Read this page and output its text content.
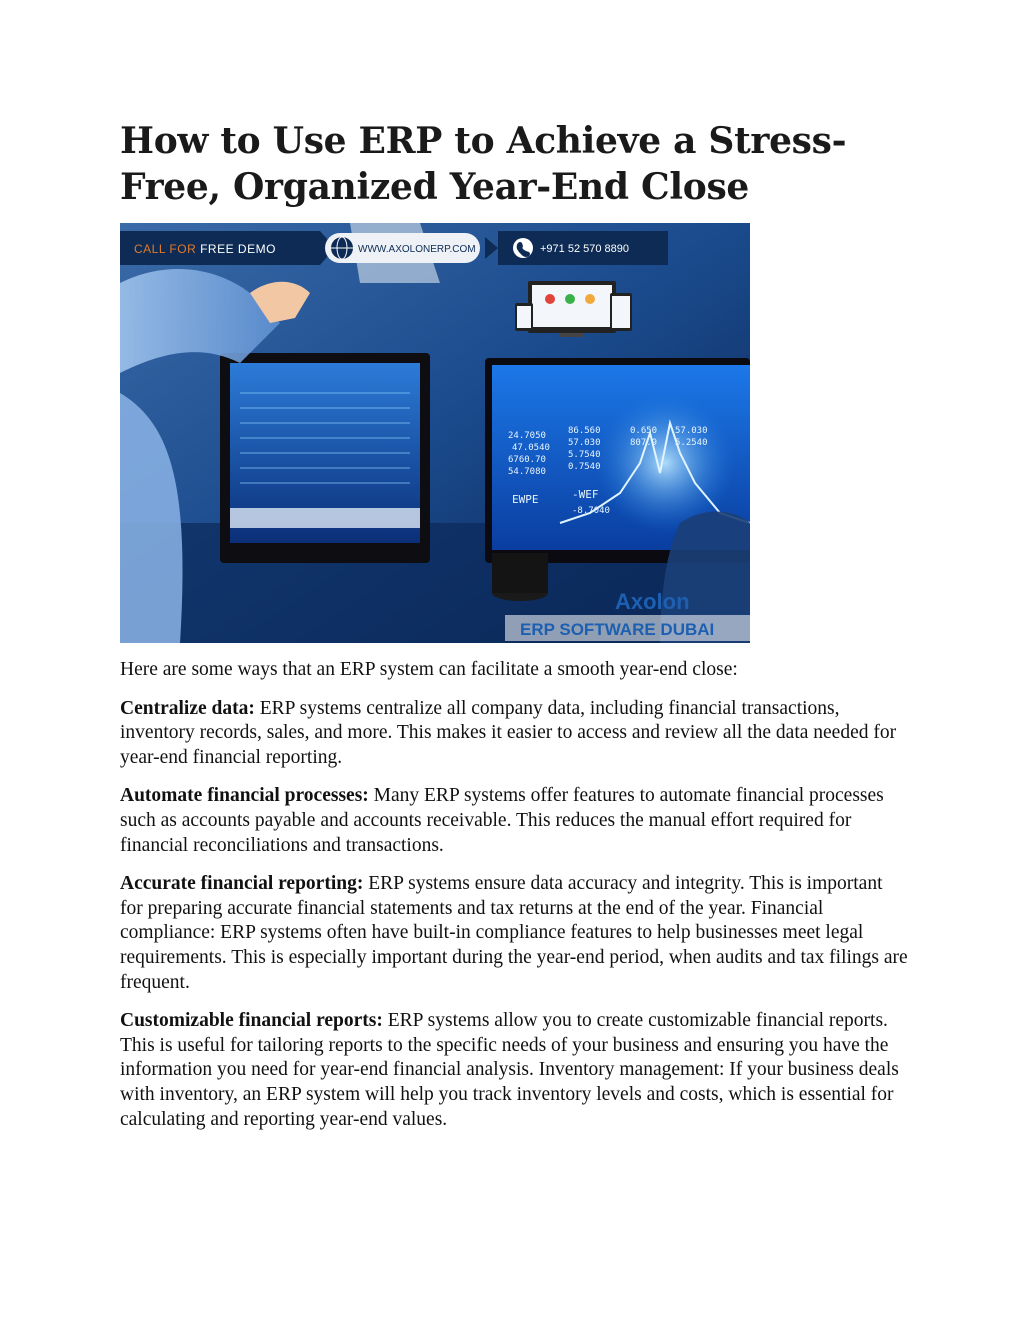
How to Use ERP to Achieve a Stress-Free, Organized Year-End Close
24.7050
47.0540
6760.70
54.7080
86.560
57.030
5.7540
0.7540
0.650
807.9
57.030
5.2540
EWPE	-WEF
-8.7040
CALL FOR FREE DEMO	WWW.AXOLONERP.COM	+971 52 570 8890
Axolon
ERP SOFTWARE DUBAI

Here are some ways that an ERP system can facilitate a smooth year-end close:

Centralize data: ERP systems centralize all company data, including financial transactions, inventory records, sales, and more. This makes it easier to access and review all the data needed for year-end financial reporting.

Automate financial processes: Many ERP systems offer features to automate financial processes such as accounts payable and accounts receivable. This reduces the manual effort required for financial reconciliations and transactions.

Accurate financial reporting: ERP systems ensure data accuracy and integrity. This is important for preparing accurate financial statements and tax returns at the end of the year. Financial compliance: ERP systems often have built-in compliance features to help businesses meet legal requirements. This is especially important during the year-end period, when audits and tax filings are frequent.

Customizable financial reports: ERP systems allow you to create customizable financial reports. This is useful for tailoring reports to the specific needs of your business and ensuring you have the information you need for year-end financial analysis. Inventory management: If your business deals with inventory, an ERP system will help you track inventory levels and costs, which is essential for calculating and reporting year-end values.
